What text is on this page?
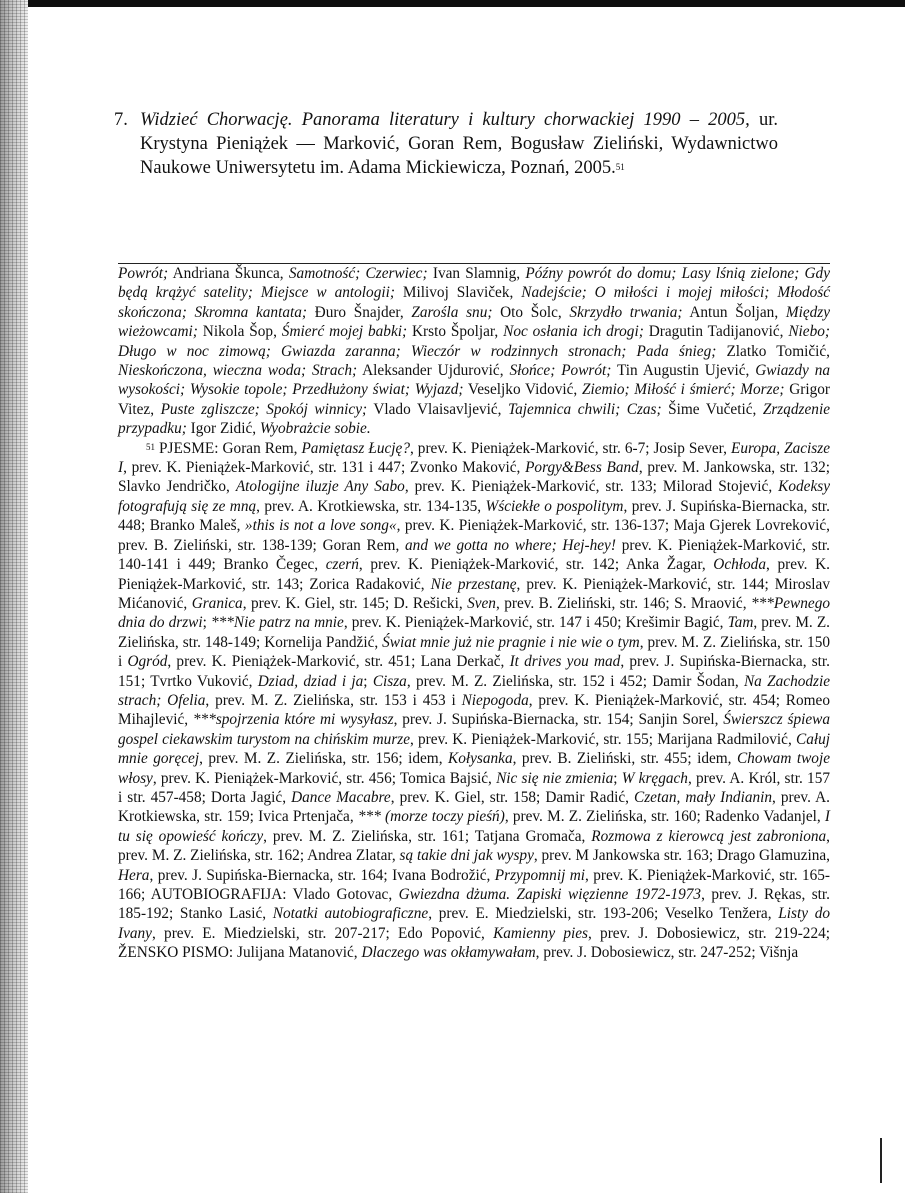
7. Widzieć Chorwację. Panorama literatury i kultury chorwackiej 1990 – 2005, ur. Krystyna Pieniążek — Marković, Goran Rem, Bogusław Zieliński, Wydawnictwo Naukowe Uniwersytetu im. Adama Mickiewicza, Poznań, 2005.51

Powrót; Andriana Škunca, Samotność; Czerwiec; Ivan Slamnig, Późny powrót do domu; Lasy lśnią zielone; Gdy będą krążyć satelity; Miejsce w antologii; Milivoj Slaviček, Nadejście; O miłości i mojej miłości; Młodość skończona; Skromna kantata; Đuro Šnajder, Zarośla snu; Oto Šolc, Skrzydło trwania; Antun Šoljan, Między wieżowcami; Nikola Šop, Śmierć mojej babki; Krsto Špoljar, Noc osłania ich drogi; Dragutin Tadijanović, Niebo; Długo w noc zimową; Gwiazda zaranna; Wieczór w rodzinnych stronach; Pada śnieg; Zlatko Tomičić, Nieskończona, wieczna woda; Strach; Aleksander Ujdurović, Słońce; Powrót; Tin Augustin Ujević, Gwiazdy na wysokości; Wysokie topole; Przedłużony świat; Wyjazd; Veseljko Vidović, Ziemio; Miłość i śmierć; Morze; Grigor Vitez, Puste zgliszcze; Spokój winnicy; Vlado Vlaisavljević, Tajemnica chwili; Czas; Šime Vučetić, Zrządzenie przypadku; Igor Zidić, Wyobrażcie sobie.

$^{51}$ PJESME: Goran Rem, Pamiętasz Łucję?, prev. K. Pieniążek-Marković, str. 6-7; Josip Sever, Europa, Zacisze I, prev. K. Pieniążek-Marković, str. 131 i 447; Zvonko Maković, Porgy&Bess Band, prev. M. Jankowska, str. 132; Slavko Jendričko, Atologijne iluzje Any Sabo, prev. K. Pieniążek-Marković, str. 133; Milorad Stojević, Kodeksy fotografują się ze mną, prev. A. Krotkiewska, str. 134-135, Wściekłe o pospolitym, prev. J. Supińska-Biernacka, str. 448; Branko Maleš, »this is not a love song«, prev. K. Pieniążek-Marković, str. 136-137; Maja Gjerek Lovreković, prev. B. Zieliński, str. 138-139; Goran Rem, and we gotta no where; Hej-hey! prev. K. Pieniążek-Marković, str. 140-141 i 449; Branko Čegec, czerń, prev. K. Pieniążek-Marković, str. 142; Anka Žagar, Ochłoda, prev. K. Pieniążek-Marković, str. 143; Zorica Radaković, Nie przestanę, prev. K. Pieniążek-Marković, str. 144; Miroslav Mićanović, Granica, prev. K. Giel, str. 145; D. Rešicki, Sven, prev. B. Zieliński, str. 146; S. Mraović, ***Pewnego dnia do drzwi; ***Nie patrz na mnie, prev. K. Pieniążek-Marković, str. 147 i 450; Krešimir Bagić, Tam, prev. M. Z. Zielińska, str. 148-149; Kornelija Pandžić, Świat mnie już nie pragnie i nie wie o tym, prev. M. Z. Zielińska, str. 150 i Ogród, prev. K. Pieniążek-Marković, str. 451; Lana Derkač, It drives you mad, prev. J. Supińska-Biernacka, str. 151; Tvrtko Vuković, Dziad, dziad i ja; Cisza, prev. M. Z. Zielińska, str. 152 i 452; Damir Šodan, Na Zachodzie strach; Ofelia, prev. M. Z. Zielińska, str. 153 i 453 i Niepogoda, prev. K. Pieniążek-Marković, str. 454; Romeo Mihajlević, ***spojrzenia które mi wysyłasz, prev. J. Supińska-Biernacka, str. 154; Sanjin Sorel, Świerszcz śpiewa gospel ciekawskim turystom na chińskim murze, prev. K. Pieniążek-Marković, str. 155; Marijana Radmilović, Całuj mnie goręcej, prev. M. Z. Zielińska, str. 156; idem, Kołysanka, prev. B. Zieliński, str. 455; idem, Chowam twoje włosy, prev. K. Pieniążek-Marković, str. 456; Tomica Bajsić, Nic się nie zmienia; W kręgach, prev. A. Król, str. 157 i str. 457-458; Dorta Jagić, Dance Macabre, prev. K. Giel, str. 158; Damir Radić, Czetan, mały Indianin, prev. A. Krotkiewska, str. 159; Ivica Prtenjača, *** (morze toczy pieśń), prev. M. Z. Zielińska, str. 160; Radenko Vadanjel, I tu się opowieść kończy, prev. M. Z. Zielińska, str. 161; Tatjana Gromača, Rozmowa z kierowcą jest zabroniona, prev. M. Z. Zielińska, str. 162; Andrea Zlatar, są takie dni jak wyspy, prev. M Jankowska str. 163; Drago Glamuzina, Hera, prev. J. Supińska-Biernacka, str. 164; Ivana Bodrožić, Przypomnij mi, prev. K. Pieniążek-Marković, str. 165-166; AUTOBIOGRAFIJA: Vlado Gotovac, Gwiezdna dżuma. Zapiski więzienne 1972-1973, prev. J. Rękas, str. 185-192; Stanko Lasić, Notatki autobiograficzne, prev. E. Miedzielski, str. 193-206; Veselko Tenžera, Listy do Ivany, prev. E. Miedzielski, str. 207-217; Edo Popović, Kamienny pies, prev. J. Dobosiewicz, str. 219-224; ŽENSKO PISMO: Julijana Matanović, Dlaczego was okłamywałam, prev. J. Dobosiewicz, str. 247-252; Višnja
